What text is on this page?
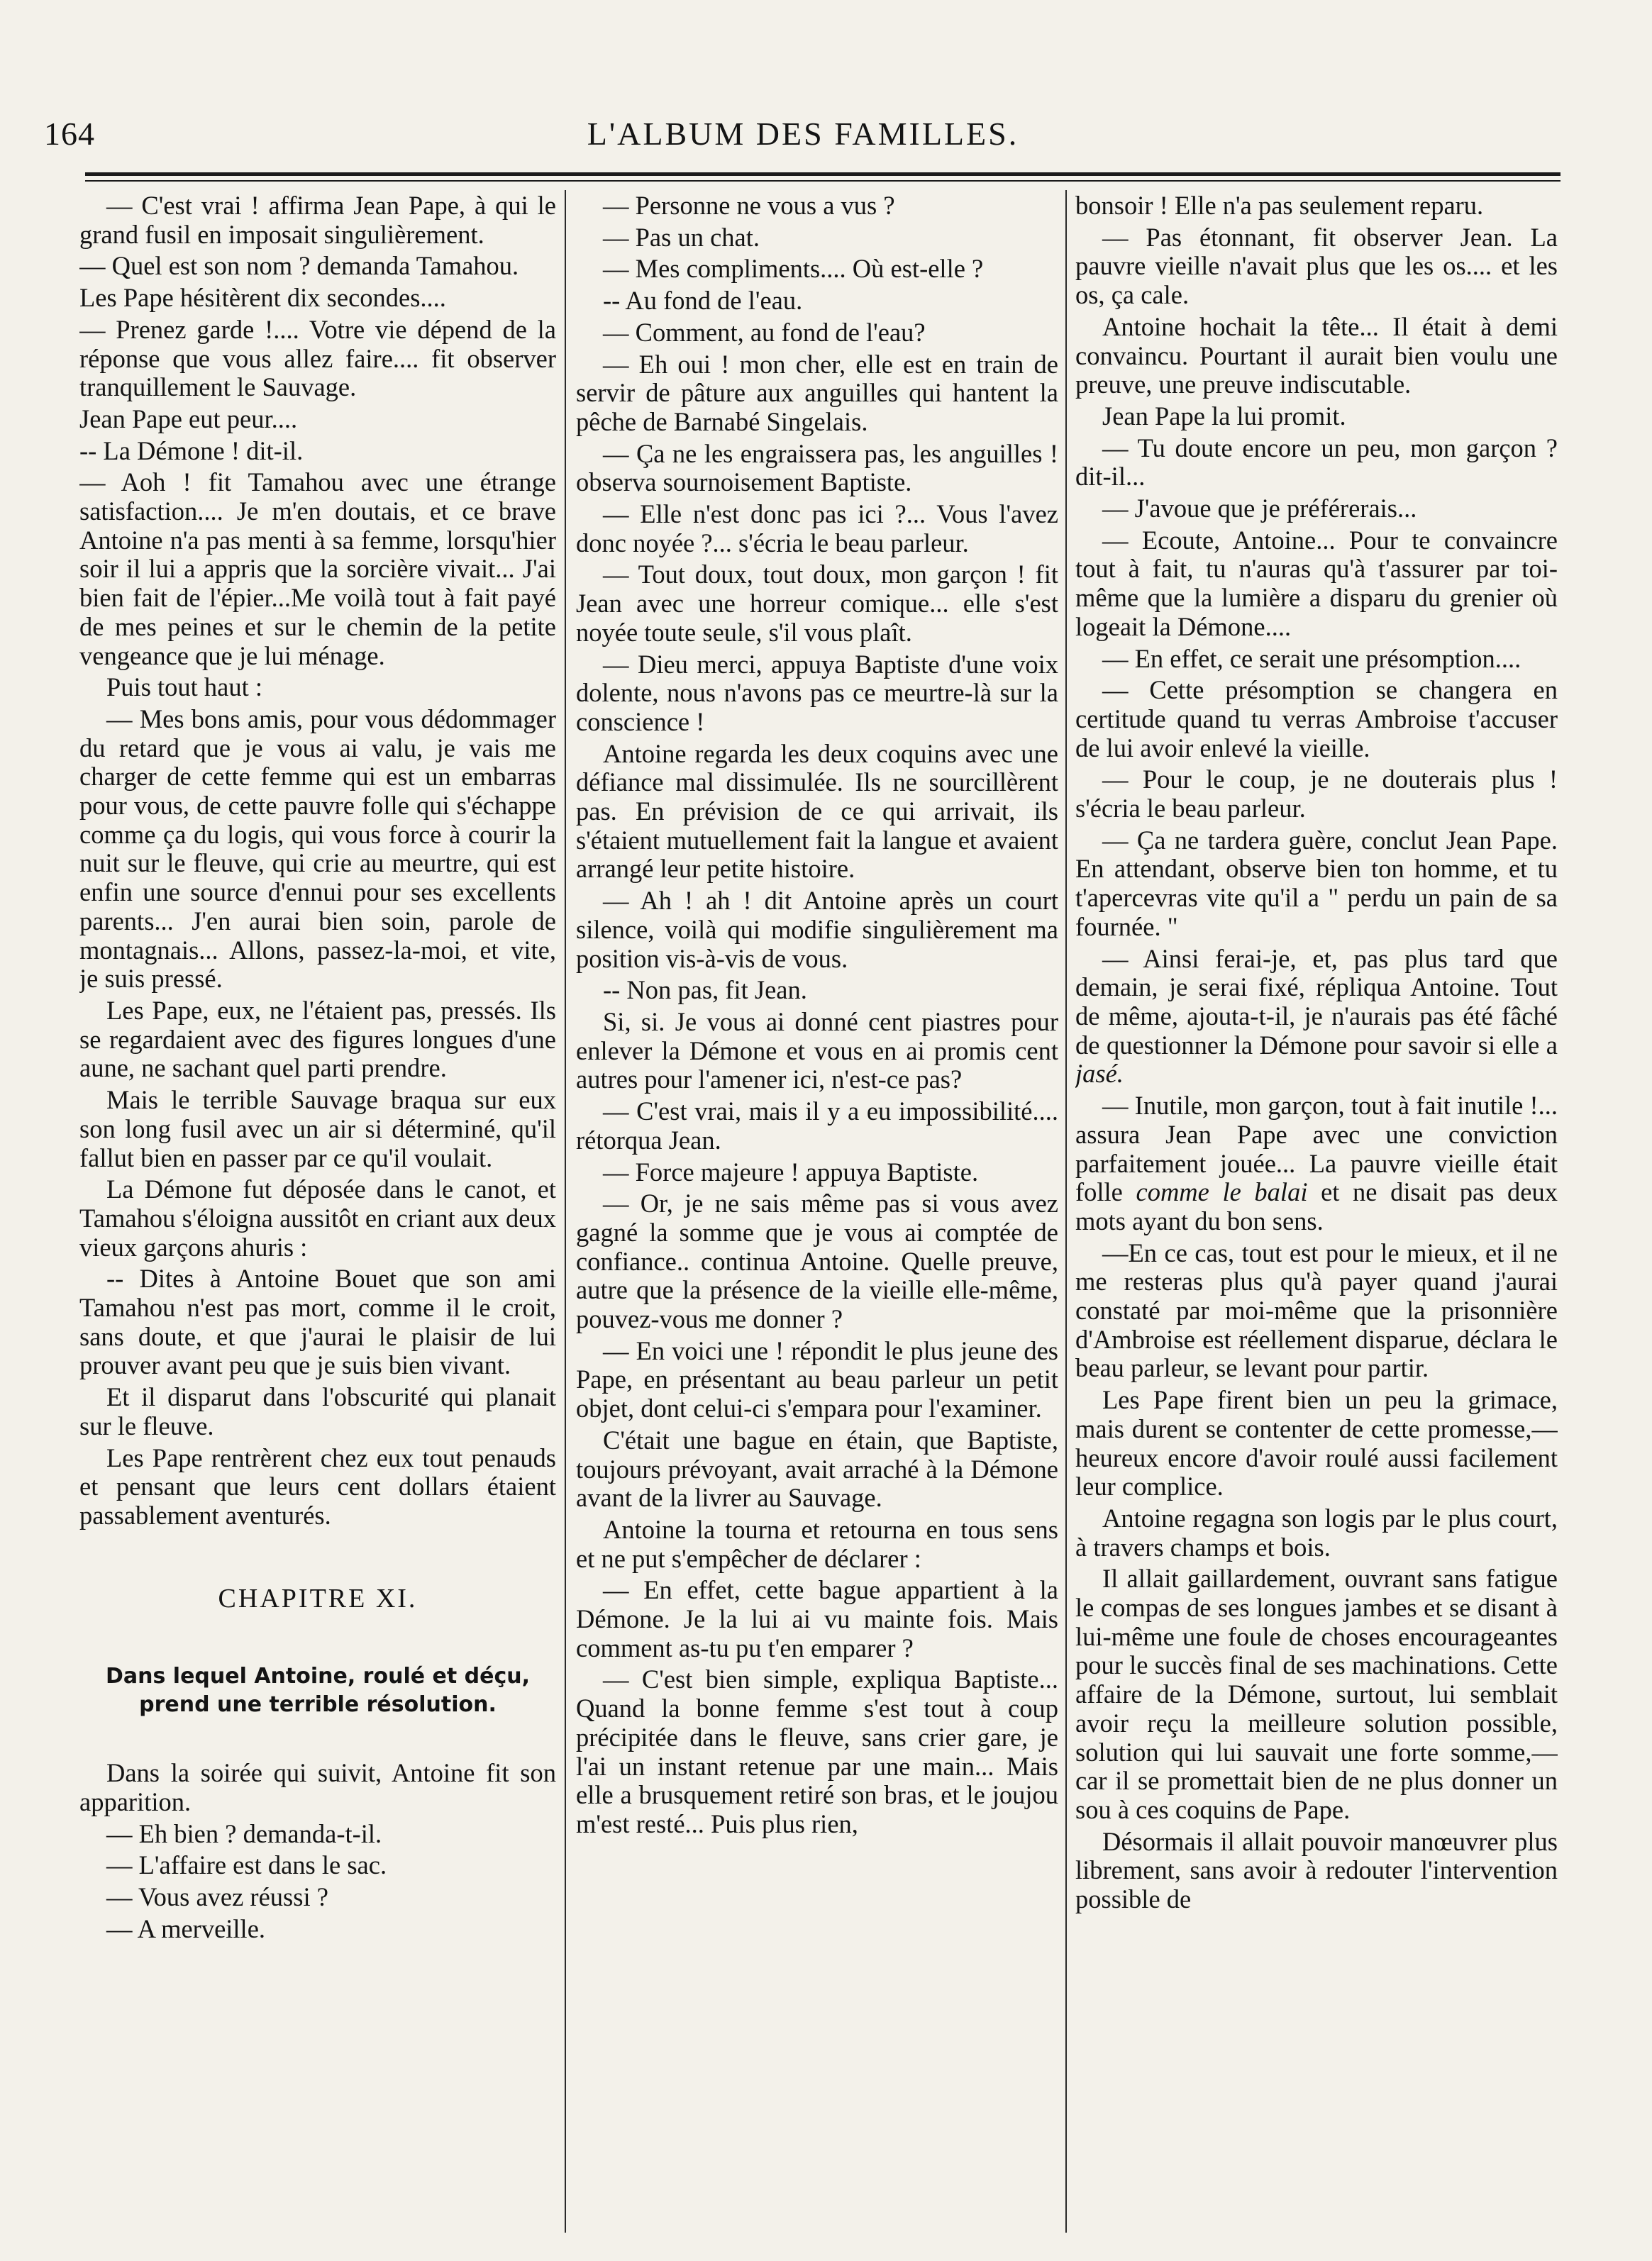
164	L'ALBUM DES FAMILLES.

— C'est vrai ! affirma Jean Pape, à qui le grand fusil en imposait singulièrement.

— Quel est son nom ? demanda Tamahou.

Les Pape hésitèrent dix secondes....

— Prenez garde !.... Votre vie dépend de la réponse que vous allez faire.... fit observer tranquillement le Sauvage.

Jean Pape eut peur....

-- La Démone ! dit-il.

— Aoh ! fit Tamahou avec une étrange satisfaction.... Je m'en doutais, et ce brave Antoine n'a pas menti à sa femme, lorsqu'hier soir il lui a appris que la sorcière vivait... J'ai bien fait de l'épier...Me voilà tout à fait payé de mes peines et sur le chemin de la petite vengeance que je lui ménage.

Puis tout haut :

— Mes bons amis, pour vous dédommager du retard que je vous ai valu, je vais me charger de cette femme qui est un embarras pour vous, de cette pauvre folle qui s'échappe comme ça du logis, qui vous force à courir la nuit sur le fleuve, qui crie au meurtre, qui est enfin une source d'ennui pour ses excellents parents... J'en aurai bien soin, parole de montagnais... Allons, passez-la-moi, et vite, je suis pressé.

Les Pape, eux, ne l'étaient pas, pressés. Ils se regardaient avec des figures longues d'une aune, ne sachant quel parti prendre.

Mais le terrible Sauvage braqua sur eux son long fusil avec un air si déterminé, qu'il fallut bien en passer par ce qu'il voulait.

La Démone fut déposée dans le canot, et Tamahou s'éloigna aussitôt en criant aux deux vieux garçons ahuris :

-- Dites à Antoine Bouet que son ami Tamahou n'est pas mort, comme il le croit, sans doute, et que j'aurai le plaisir de lui prouver avant peu que je suis bien vivant.

Et il disparut dans l'obscurité qui planait sur le fleuve.

Les Pape rentrèrent chez eux tout penauds et pensant que leurs cent dollars étaient passablement aventurés.

CHAPITRE XI.

Dans lequel Antoine, roulé et déçu, prend une terrible résolution.

Dans la soirée qui suivit, Antoine fit son apparition.

— Eh bien ? demanda-t-il.

— L'affaire est dans le sac.

— Vous avez réussi ?

— A merveille.

— Personne ne vous a vus ?

— Pas un chat.

— Mes compliments.... Où est-elle ?

-- Au fond de l'eau.

— Comment, au fond de l'eau?

— Eh oui ! mon cher, elle est en train de servir de pâture aux anguilles qui hantent la pêche de Barnabé Singelais.

— Ça ne les engraissera pas, les anguilles ! observa sournoisement Baptiste.

— Elle n'est donc pas ici ?... Vous l'avez donc noyée ?... s'écria le beau parleur.

— Tout doux, tout doux, mon garçon ! fit Jean avec une horreur comique... elle s'est noyée toute seule, s'il vous plaît.

— Dieu merci, appuya Baptiste d'une voix dolente, nous n'avons pas ce meurtre-là sur la conscience !

Antoine regarda les deux coquins avec une défiance mal dissimulée. Ils ne sourcillèrent pas. En prévision de ce qui arrivait, ils s'étaient mutuellement fait la langue et avaient arrangé leur petite histoire.

— Ah ! ah ! dit Antoine après un court silence, voilà qui modifie singulièrement ma position vis-à-vis de vous.

-- Non pas, fit Jean.

Si, si. Je vous ai donné cent piastres pour enlever la Démone et vous en ai promis cent autres pour l'amener ici, n'est-ce pas?

— C'est vrai, mais il y a eu impossibilité.... rétorqua Jean.

— Force majeure ! appuya Baptiste.

— Or, je ne sais même pas si vous avez gagné la somme que je vous ai comptée de confiance.. continua Antoine. Quelle preuve, autre que la présence de la vieille elle-même, pouvez-vous me donner ?

— En voici une ! répondit le plus jeune des Pape, en présentant au beau parleur un petit objet, dont celui-ci s'empara pour l'examiner.

C'était une bague en étain, que Baptiste, toujours prévoyant, avait arraché à la Démone avant de la livrer au Sauvage.

Antoine la tourna et retourna en tous sens et ne put s'empêcher de déclarer :

— En effet, cette bague appartient à la Démone. Je la lui ai vu mainte fois. Mais comment as-tu pu t'en emparer ?

— C'est bien simple, expliqua Baptiste... Quand la bonne femme s'est tout à coup précipitée dans le fleuve, sans crier gare, je l'ai un instant retenue par une main... Mais elle a brusquement retiré son bras, et le joujou m'est resté... Puis plus rien,

bonsoir ! Elle n'a pas seulement reparu.

— Pas étonnant, fit observer Jean. La pauvre vieille n'avait plus que les os.... et les os, ça cale.

Antoine hochait la tête... Il était à demi convaincu. Pourtant il aurait bien voulu une preuve, une preuve indiscutable.

Jean Pape la lui promit.

— Tu doute encore un peu, mon garçon ? dit-il...

— J'avoue que je préférerais...

— Ecoute, Antoine... Pour te convaincre tout à fait, tu n'auras qu'à t'assurer par toi-même que la lumière a disparu du grenier où logeait la Démone....

— En effet, ce serait une présomption....

— Cette présomption se changera en certitude quand tu verras Ambroise t'accuser de lui avoir enlevé la vieille.

— Pour le coup, je ne douterais plus ! s'écria le beau parleur.

— Ça ne tardera guère, conclut Jean Pape. En attendant, observe bien ton homme, et tu t'apercevras vite qu'il a " perdu un pain de sa fournée. "

— Ainsi ferai-je, et, pas plus tard que demain, je serai fixé, répliqua Antoine. Tout de même, ajouta-t-il, je n'aurais pas été fâché de questionner la Démone pour savoir si elle a jasé.

— Inutile, mon garçon, tout à fait inutile !... assura Jean Pape avec une conviction parfaitement jouée... La pauvre vieille était folle comme le balai et ne disait pas deux mots ayant du bon sens.

—En ce cas, tout est pour le mieux, et il ne me resteras plus qu'à payer quand j'aurai constaté par moi-même que la prisonnière d'Ambroise est réellement disparue, déclara le beau parleur, se levant pour partir.

Les Pape firent bien un peu la grimace, mais durent se contenter de cette promesse,— heureux encore d'avoir roulé aussi facilement leur complice.

Antoine regagna son logis par le plus court, à travers champs et bois.

Il allait gaillardement, ouvrant sans fatigue le compas de ses longues jambes et se disant à lui-même une foule de choses encourageantes pour le succès final de ses machinations. Cette affaire de la Démone, surtout, lui semblait avoir reçu la meilleure solution possible, solution qui lui sauvait une forte somme,— car il se promettait bien de ne plus donner un sou à ces coquins de Pape.

Désormais il allait pouvoir manœuvrer plus librement, sans avoir à redouter l'intervention possible de
